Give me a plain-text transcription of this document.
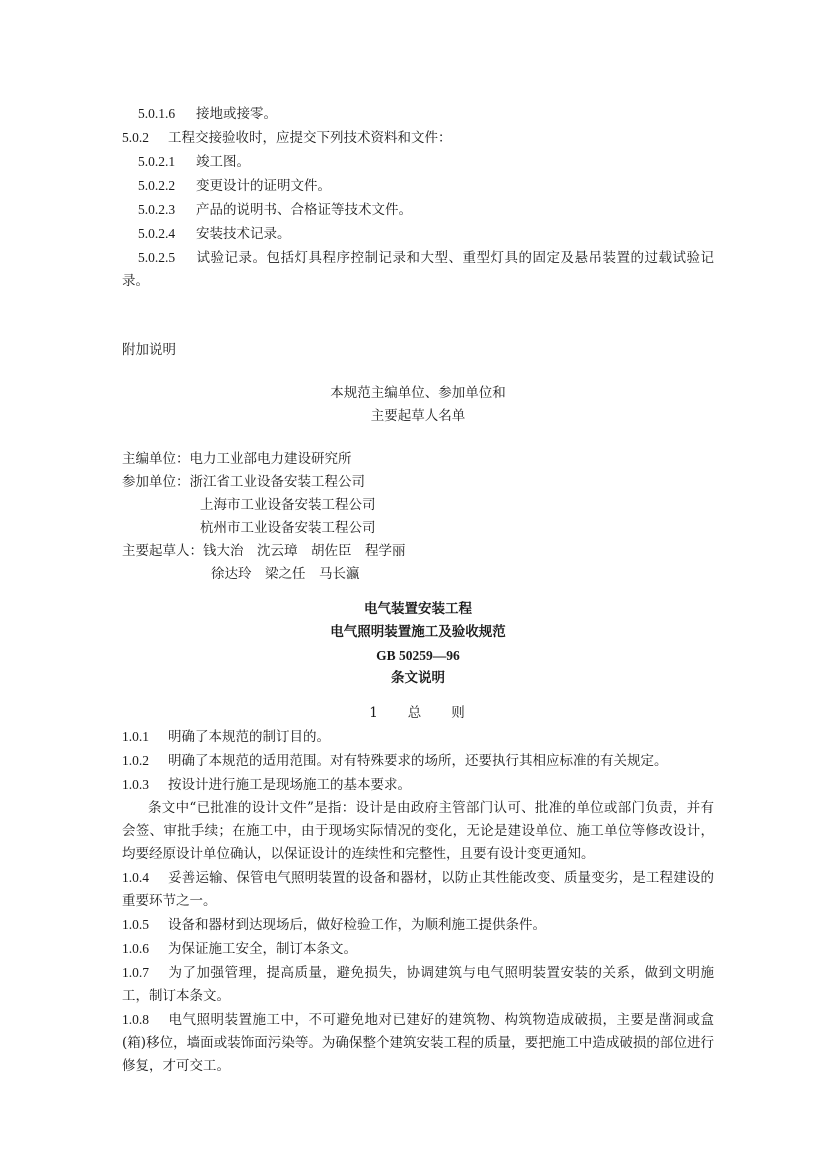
5.0.1.6 接地或接零。
5.0.2 工程交接验收时，应提交下列技术资料和文件：
5.0.2.1 竣工图。
5.0.2.2 变更设计的证明文件。
5.0.2.3 产品的说明书、合格证等技术文件。
5.0.2.4 安装技术记录。
5.0.2.5 试验记录。包括灯具程序控制记录和大型、重型灯具的固定及悬吊装置的过载试验记录。
附加说明
本规范主编单位、参加单位和
主要起草人名单
主编单位：电力工业部电力建设研究所
参加单位：浙江省工业设备安装工程公司
上海市工业设备安装工程公司
杭州市工业设备安装工程公司
主要起草人：钱大治　沈云璋　胡佐臣　程学丽
徐达玲　梁之任　马长瀛
电气装置安装工程
电气照明装置施工及验收规范
GB 50259—96
条文说明
1 总 则
1.0.1 明确了本规范的制订目的。
1.0.2 明确了本规范的适用范围。对有特殊要求的场所，还要执行其相应标准的有关规定。
1.0.3 按设计进行施工是现场施工的基本要求。
条文中“已批准的设计文件”是指：设计是由政府主管部门认可、批准的单位或部门负责，并有会签、审批手续；在施工中，由于现场实际情况的变化，无论是建设单位、施工单位等修改设计，均要经原设计单位确认，以保证设计的连续性和完整性，且要有设计变更通知。
1.0.4 妥善运输、保管电气照明装置的设备和器材，以防止其性能改变、质量变劣，是工程建设的重要环节之一。
1.0.5 设备和器材到达现场后，做好检验工作，为顺利施工提供条件。
1.0.6 为保证施工安全，制订本条文。
1.0.7 为了加强管理，提高质量，避免损失，协调建筑与电气照明装置安装的关系，做到文明施工，制订本条文。
1.0.8 电气照明装置施工中，不可避免地对已建好的建筑物、构筑物造成破损，主要是凿洞或盒(箱)移位，墙面或装饰面污染等。为确保整个建筑安装工程的质量，要把施工中造成破损的部位进行修复，才可交工。
